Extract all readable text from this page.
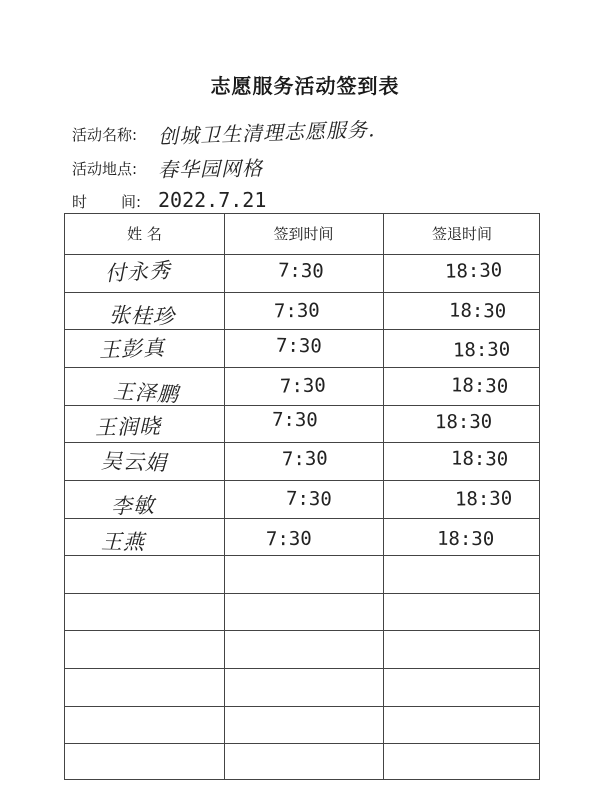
志愿服务活动签到表
活动名称: 创城卫生清理志愿服务.
活动地点: 春华园网格
时 间: 2022.7.21
姓 名	签到时间	签退时间
付永秀	7:30	18:30
张桂珍	7:30	18:30
王彭真	7:30	18:30
王泽鹏	7:30	18:30
王润晓	7:30	18:30
吴云娟	7:30	18:30
李敏	7:30	18:30
王燕	7:30	18:30
